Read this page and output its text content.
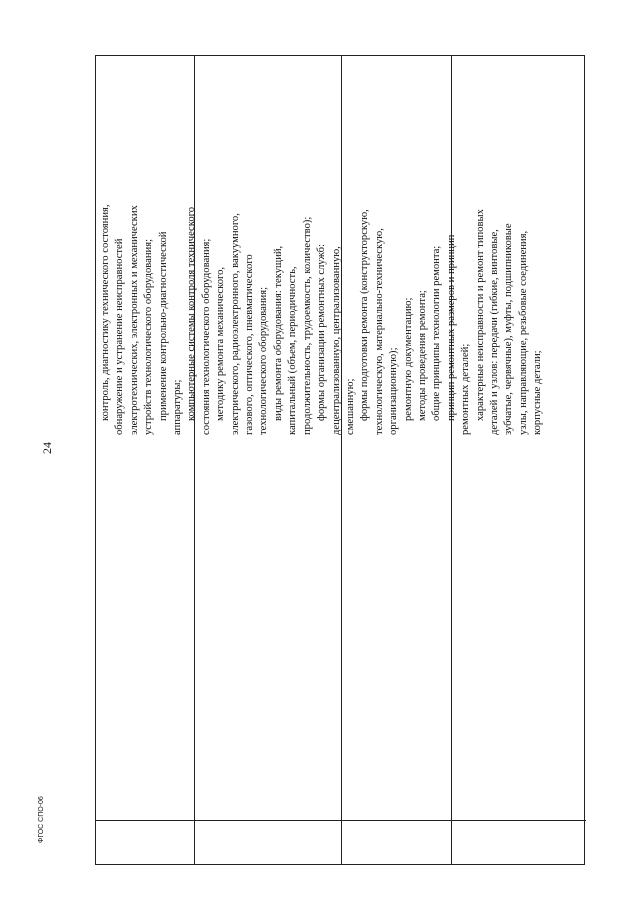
24
контроль, диагностику технического состояния, обнаружение и устранение неисправностей электротехнических, электронных и механических устройств технологического оборудования; применение контрольно-диагностической аппаратуры; компьютерные системы контроля технического состояния технологического оборудования; методику ремонта механического, электрического, радиоэлектронного, вакуумного, газового, оптического, пневматического технологического оборудования; виды ремонта оборудования: текущий, капитальный (объем, периодичность, продолжительность, трудоемкость, количество); формы организации ремонтных служб: децентрализованную, централизованную, смешанную; формы подготовки ремонта (конструкторскую, технологическую, материально-техническую, организационную); ремонтную документацию; методы проведения ремонта; общие принципы технологии ремонта; принцип ремонтных размеров и принцип ремонтных деталей; характерные неисправности и ремонт типовых деталей и узлов: передачи (гибкие, винтовые, зубчатые, червячные), муфты, подшипниковые узлы, направляющие, резьбовые соединения, корпусные детали;
ФГОС СПО-06
